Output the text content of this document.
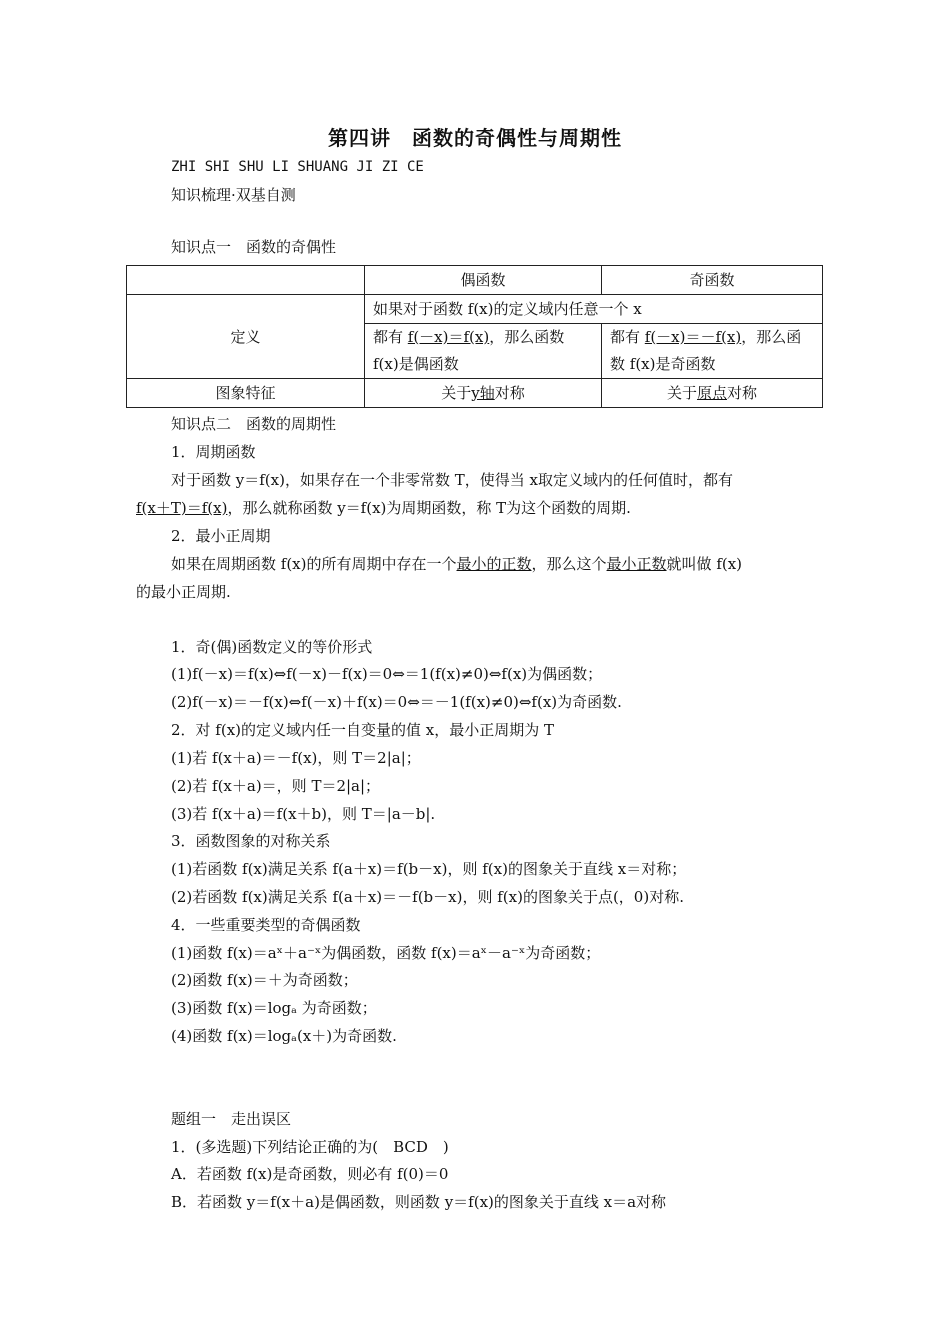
第四讲　函数的奇偶性与周期性
ZHI SHI SHU LI SHUANG JI ZI CE
知识梳理·双基自测
知识点一　函数的奇偶性
	偶函数	奇函数
定义	如果对于函数 f(x)的定义域内任意一个 x	
	都有 f(－x)＝f(x)，那么函数 f(x)是偶函数	都有 f(－x)＝－f(x)，那么函数 f(x)是奇函数
图象特征	关于y轴对称	关于原点对称
知识点二　函数的周期性
1．周期函数
对于函数 y＝f(x)，如果存在一个非零常数 T，使得当 x取定义域内的任何值时，都有
f(x＋T)＝f(x)，那么就称函数 y＝f(x)为周期函数，称 T为这个函数的周期.
2．最小正周期
如果在周期函数 f(x)的所有周期中存在一个最小的正数，那么这个最小正数就叫做 f(x)
的最小正周期.
1．奇(偶)函数定义的等价形式
(1)f(－x)＝f(x)⇔f(－x)－f(x)＝0⇔＝1(f(x)≠0)⇔f(x)为偶函数；
(2)f(－x)＝－f(x)⇔f(－x)＋f(x)＝0⇔＝－1(f(x)≠0)⇔f(x)为奇函数.
2．对 f(x)的定义域内任一自变量的值 x，最小正周期为 T
(1)若 f(x＋a)＝－f(x)，则 T＝2|a|；
(2)若 f(x＋a)＝，则 T＝2|a|；
(3)若 f(x＋a)＝f(x＋b)，则 T＝|a－b|.
3．函数图象的对称关系
(1)若函数 f(x)满足关系 f(a＋x)＝f(b－x)，则 f(x)的图象关于直线 x＝对称；
(2)若函数 f(x)满足关系 f(a＋x)＝－f(b－x)，则 f(x)的图象关于点(，0)对称.
4．一些重要类型的奇偶函数
(1)函数 f(x)＝aˣ＋a⁻ˣ为偶函数，函数 f(x)＝aˣ－a⁻ˣ为奇函数；
(2)函数 f(x)＝＋为奇函数；
(3)函数 f(x)＝logₐ 为奇函数；
(4)函数 f(x)＝logₐ(x＋)为奇函数.
题组一　走出误区
1．(多选题)下列结论正确的为(　BCD　)
A．若函数 f(x)是奇函数，则必有 f(0)＝0
B．若函数 y＝f(x＋a)是偶函数，则函数 y＝f(x)的图象关于直线 x＝a对称
